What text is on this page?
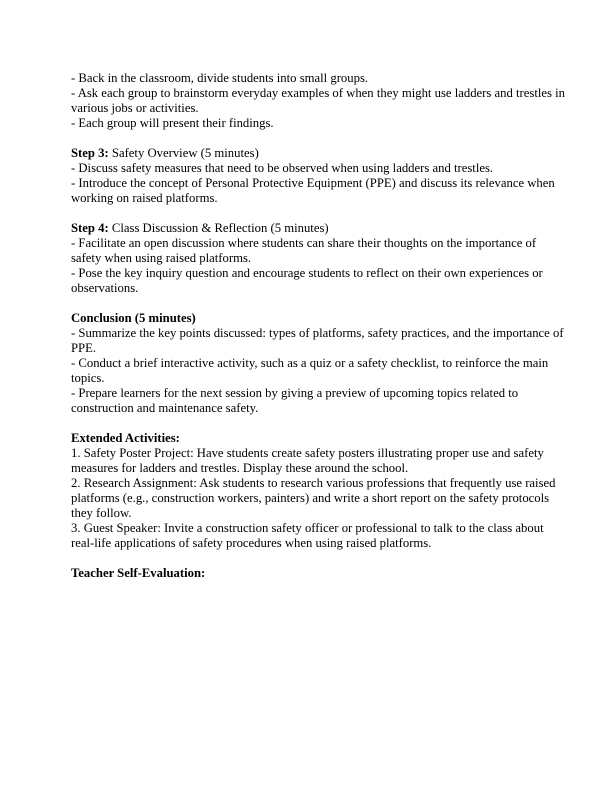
- Back in the classroom, divide students into small groups.
- Ask each group to brainstorm everyday examples of when they might use ladders and trestles in
various jobs or activities.
- Each group will present their findings.
Step 3: Safety Overview (5 minutes)
- Discuss safety measures that need to be observed when using ladders and trestles.
- Introduce the concept of Personal Protective Equipment (PPE) and discuss its relevance when
working on raised platforms.
Step 4: Class Discussion & Reflection (5 minutes)
- Facilitate an open discussion where students can share their thoughts on the importance of
safety when using raised platforms.
- Pose the key inquiry question and encourage students to reflect on their own experiences or
observations.
Conclusion (5 minutes)
- Summarize the key points discussed: types of platforms, safety practices, and the importance of
PPE.
- Conduct a brief interactive activity, such as a quiz or a safety checklist, to reinforce the main
topics.
- Prepare learners for the next session by giving a preview of upcoming topics related to
construction and maintenance safety.
Extended Activities:
1. Safety Poster Project: Have students create safety posters illustrating proper use and safety
measures for ladders and trestles. Display these around the school.
2. Research Assignment: Ask students to research various professions that frequently use raised
platforms (e.g., construction workers, painters) and write a short report on the safety protocols
they follow.
3. Guest Speaker: Invite a construction safety officer or professional to talk to the class about
real-life applications of safety procedures when using raised platforms.
Teacher Self-Evaluation:
